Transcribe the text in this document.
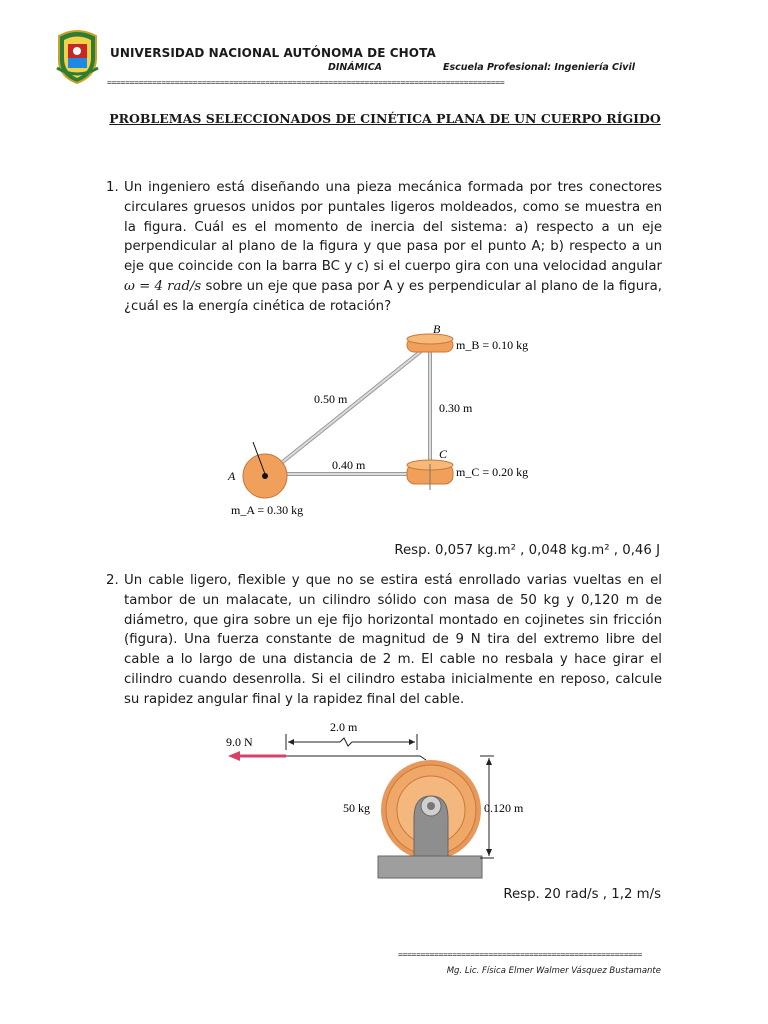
UNIVERSIDAD NACIONAL AUTÓNOMA DE CHOTA
DINÁMICA	Escuela Profesional: Ingeniería Civil
========================================================================================
PROBLEMAS SELECCIONADOS DE CINÉTICA PLANA DE UN CUERPO RÍGIDO
1. Un ingeniero está diseñando una pieza mecánica formada por tres conectores circulares gruesos unidos por puntales ligeros moldeados, como se muestra en la figura. Cuál es el momento de inercia del sistema: a) respecto a un eje perpendicular al plano de la figura y que pasa por el punto A; b) respecto a un eje que coincide con la barra BC y c) si el cuerpo gira con una velocidad angular ω = 4 rad/s sobre un eje que pasa por A y es perpendicular al plano de la figura, ¿cuál es la energía cinética de rotación?
B
m_B = 0.10 kg
0.50 m
0.30 m
0.40 m
C
m_C = 0.20 kg
A
m_A = 0.30 kg
Resp. 0,057 kg.m² , 0,048 kg.m² , 0,46 J
2. Un cable ligero, flexible y que no se estira está enrollado varias vueltas en el tambor de un malacate, un cilindro sólido con masa de 50 kg y 0,120 m de diámetro, que gira sobre un eje fijo horizontal montado en cojinetes sin fricción (figura). Una fuerza constante de magnitud de 9 N tira del extremo libre del cable a lo largo de una distancia de 2 m. El cable no resbala y hace girar el cilindro cuando desenrolla. Si el cilindro estaba inicialmente en reposo, calcule su rapidez angular final y la rapidez final del cable.
9.0 N
2.0 m
50 kg	0.120 m
Resp. 20 rad/s , 1,2 m/s
======================================================
Mg. Lic. Física Elmer Walmer Vásquez Bustamante
